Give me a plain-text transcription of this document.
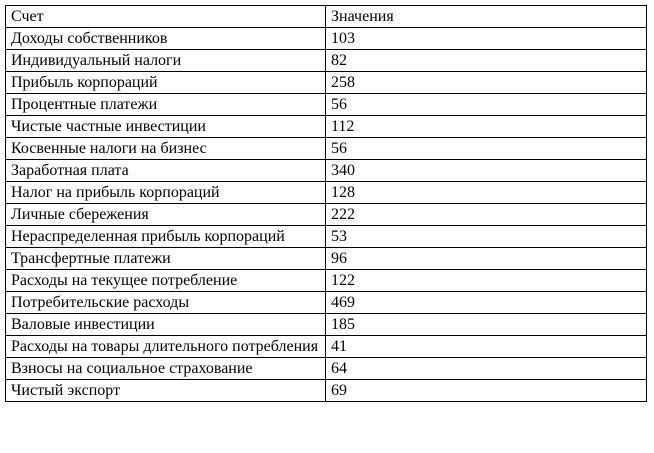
Счет	Значения
Доходы собственников	103
Индивидуальный налоги	82
Прибыль корпораций	258
Процентные платежи	56
Чистые частные инвестиции	112
Косвенные налоги на бизнес	56
Заработная плата	340
Налог на прибыль корпораций	128
Личные сбережения	222
Нераспределенная прибыль корпораций	53
Трансфертные платежи	96
Расходы на текущее потребление	122
Потребительские расходы	469
Валовые инвестиции	185
Расходы на товары длительного потребления	41
Взносы на социальное страхование	64
Чистый экспорт	69
